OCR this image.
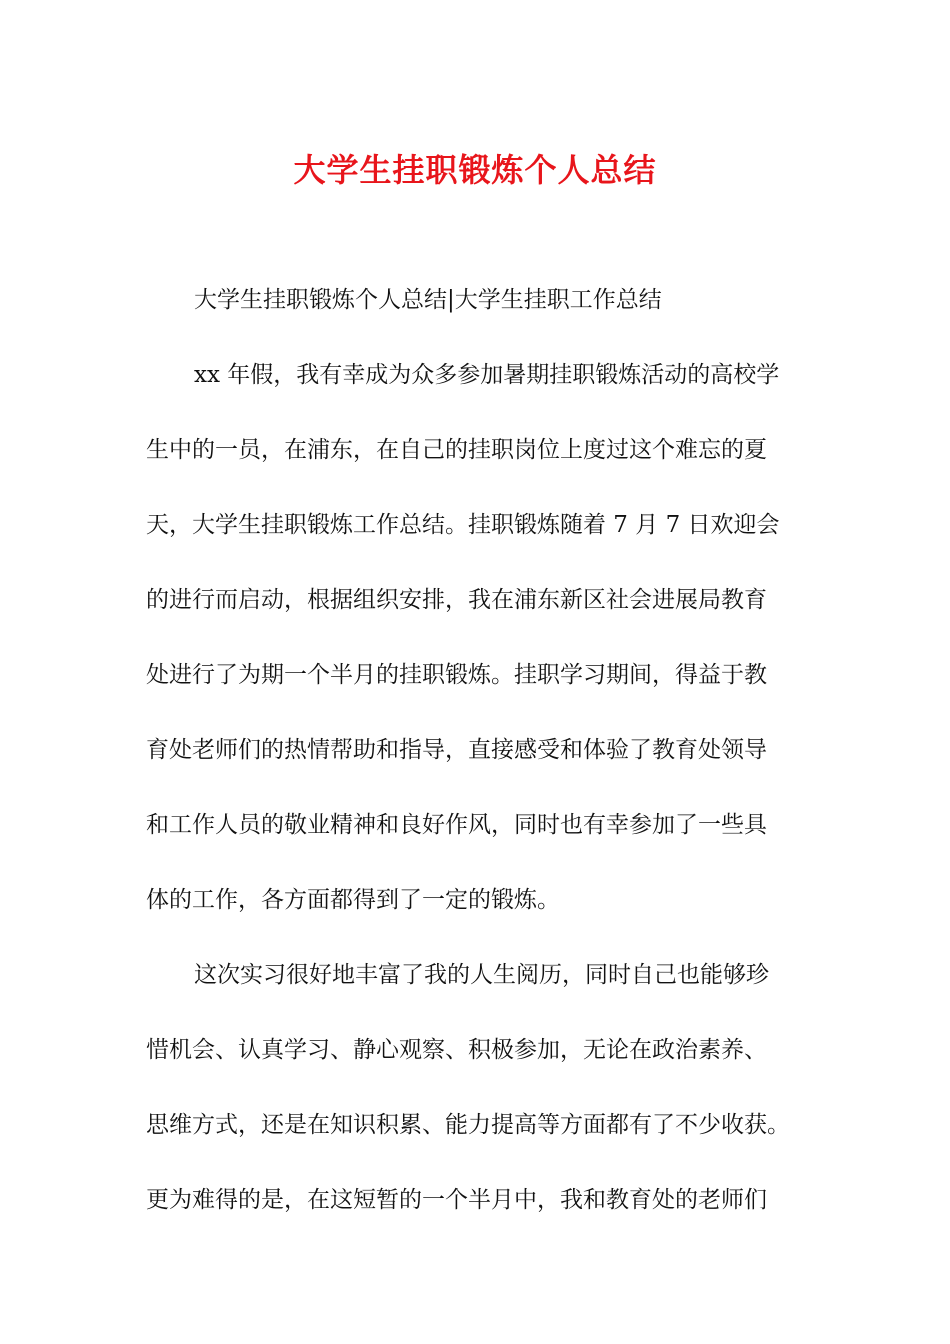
大学生挂职锻炼个人总结
大学生挂职锻炼个人总结|大学生挂职工作总结
xx 年假，我有幸成为众多参加暑期挂职锻炼活动的高校学
生中的一员，在浦东，在自己的挂职岗位上度过这个难忘的夏
天，大学生挂职锻炼工作总结。挂职锻炼随着 7 月 7 日欢迎会
的进行而启动，根据组织安排，我在浦东新区社会进展局教育
处进行了为期一个半月的挂职锻炼。挂职学习期间，得益于教
育处老师们的热情帮助和指导，直接感受和体验了教育处领导
和工作人员的敬业精神和良好作风，同时也有幸参加了一些具
体的工作，各方面都得到了一定的锻炼。
这次实习很好地丰富了我的人生阅历，同时自己也能够珍
惜机会、认真学习、静心观察、积极参加，无论在政治素养、
思维方式，还是在知识积累、能力提高等方面都有了不少收获。
更为难得的是，在这短暂的一个半月中，我和教育处的老师们
